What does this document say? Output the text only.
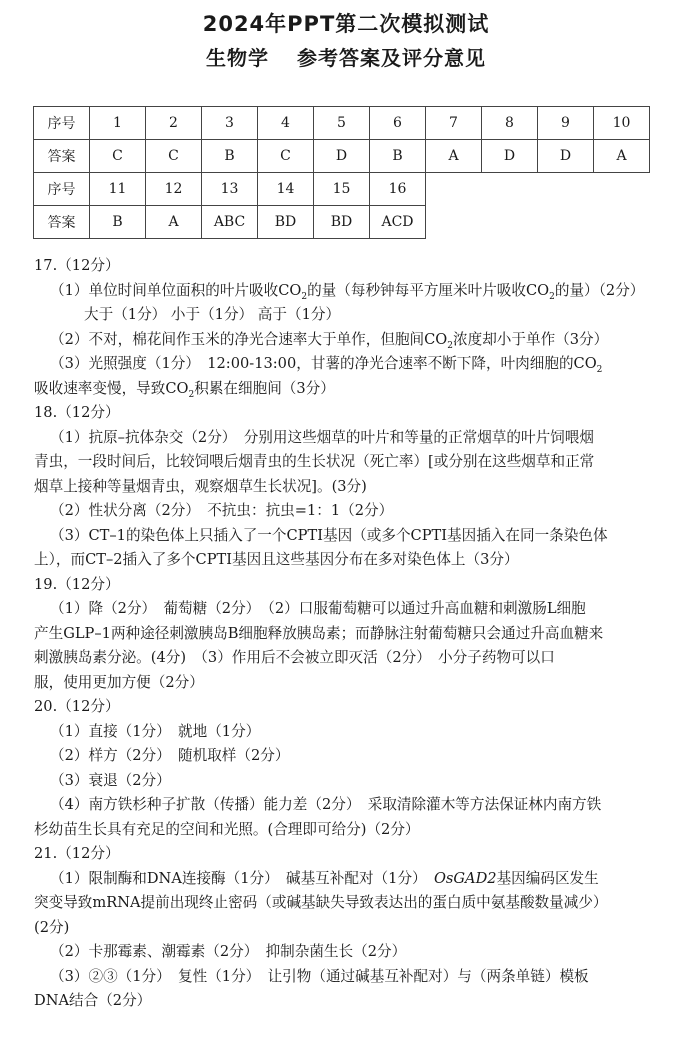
2024年PPT第二次模拟测试
生物学 参考答案及评分意见
序号	1	2	3	4	5	6	7	8	9	10
答案	C	C	B	C	D	B	A	D	D	A
序号	11	12	13	14	15	16				
答案	B	A	ABC	BD	BD	ACD				
17.（12分）
（1）单位时间单位面积的叶片吸收$CO_2$的量（每秒钟每平方厘米叶片吸收$CO_2$的量）（2分）
大于（1分） 小于（1分） 高于（1分）
（2）不对，棉花间作玉米的净光合速率大于单作，但胞间$CO_2$浓度却小于单作（3分）
（3）光照强度（1分）　12:00-13:00，甘薯的净光合速率不断下降，叶肉细胞的$CO_2$
吸收速率变慢，导致$CO_2$积累在细胞间（3分）
18.（12分）
（1）抗原–抗体杂交（2分）　分别用这些烟草的叶片和等量的正常烟草的叶片饲喂烟
青虫，一段时间后，比较饲喂后烟青虫的生长状况（死亡率）[或分别在这些烟草和正常
烟草上接种等量烟青虫，观察烟草生长状况]。(3分)
（2）性状分离（2分）　不抗虫：抗虫=1：1（2分）
（3）CT–1的染色体上只插入了一个CPTI基因（或多个CPTI基因插入在同一条染色体
上），而CT–2插入了多个CPTI基因且这些基因分布在多对染色体上（3分）
19.（12分）
（1）降（2分）　葡萄糖（2分）　（2）口服葡萄糖可以通过升高血糖和刺激肠L细胞
产生GLP–1两种途径刺激胰岛B细胞释放胰岛素；而静脉注射葡萄糖只会通过升高血糖来
刺激胰岛素分泌。(4分)　（3）作用后不会被立即灭活（2分）　小分子药物可以口
服，使用更加方便（2分）
20.（12分）
（1）直接（1分）　就地（1分）
（2）样方（2分）　随机取样（2分）
（3）衰退（2分）
（4）南方铁杉种子扩散（传播）能力差（2分）　采取清除灌木等方法保证林内南方铁
杉幼苗生长具有充足的空间和光照。(合理即可给分)（2分）
21.（12分）
（1）限制酶和DNA连接酶（1分）　碱基互补配对（1分）　OsGAD2基因编码区发生
突变导致mRNA提前出现终止密码（或碱基缺失导致表达出的蛋白质中氨基酸数量减少）
(2分)
（2）卡那霉素、潮霉素（2分）　抑制杂菌生长（2分）
（3）②③（1分）　复性（1分）　让引物（通过碱基互补配对）与（两条单链）模板
DNA结合（2分）
